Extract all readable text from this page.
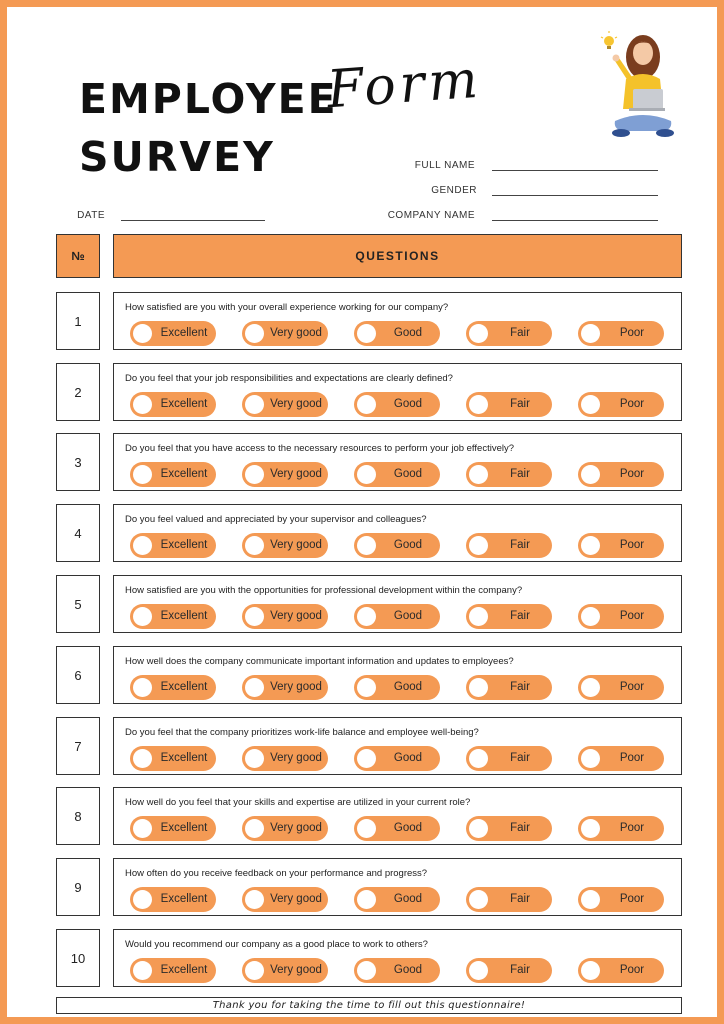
EMPLOYEE
SURVEY
Form
FULL NAME
GENDER
DATE	COMPANY NAME
№	QUESTIONS
1
How satisfied are you with your overall experience working for our company?
Excellent	Very good	Good	Fair	Poor
2
Do you feel that your job responsibilities and expectations are clearly defined?
Excellent	Very good	Good	Fair	Poor
3
Do you feel that you have access to the necessary resources to perform your job effectively?
Excellent	Very good	Good	Fair	Poor
4
Do you feel valued and appreciated by your supervisor and colleagues?
Excellent	Very good	Good	Fair	Poor
5
How satisfied are you with the opportunities for professional development within the company?
Excellent	Very good	Good	Fair	Poor
6
How well does the company communicate important information and updates to employees?
Excellent	Very good	Good	Fair	Poor
7
Do you feel that the company prioritizes work-life balance and employee well-being?
Excellent	Very good	Good	Fair	Poor
8
How well do you feel that your skills and expertise are utilized in your current role?
Excellent	Very good	Good	Fair	Poor
9
How often do you receive feedback on your performance and progress?
Excellent	Very good	Good	Fair	Poor
10
Would you recommend our company as a good place to work to others?
Excellent	Very good	Good	Fair	Poor
Thank you for taking the time to fill out this questionnaire!
